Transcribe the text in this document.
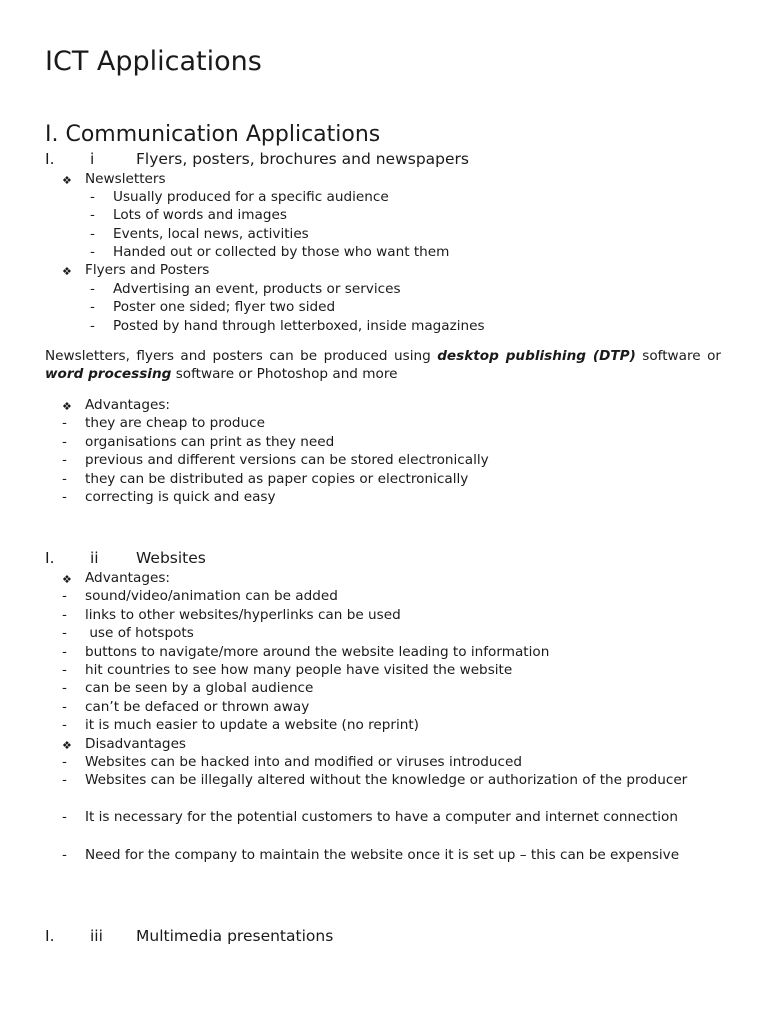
ICT Applications
I. Communication Applications
I. i	Flyers, posters, brochures and newspapers
❖ Newsletters
- Usually produced for a specific audience
- Lots of words and images
- Events, local news, activities
- Handed out or collected by those who want them
❖ Flyers and Posters
- Advertising an event, products or services
- Poster one sided; flyer two sided
- Posted by hand through letterboxed, inside magazines
Newsletters, flyers and posters can be produced using desktop publishing (DTP) software or word processing software or Photoshop and more
❖ Advantages:
- they are cheap to produce
- organisations can print as they need
- previous and different versions can be stored electronically
- they can be distributed as paper copies or electronically
- correcting is quick and easy
I. ii Websites
❖ Advantages:
- sound/video/animation can be added
- links to other websites/hyperlinks can be used
- use of hotspots
- buttons to navigate/more around the website leading to information
- hit countries to see how many people have visited the website
- can be seen by a global audience
- can’t be defaced or thrown away
- it is much easier to update a website (no reprint)
❖ Disadvantages
- Websites can be hacked into and modified or viruses introduced
- Websites can be illegally altered without the knowledge or authorization of the producer
- It is necessary for the potential customers to have a computer and internet connection
- Need for the company to maintain the website once it is set up – this can be expensive
I. iii Multimedia presentations
